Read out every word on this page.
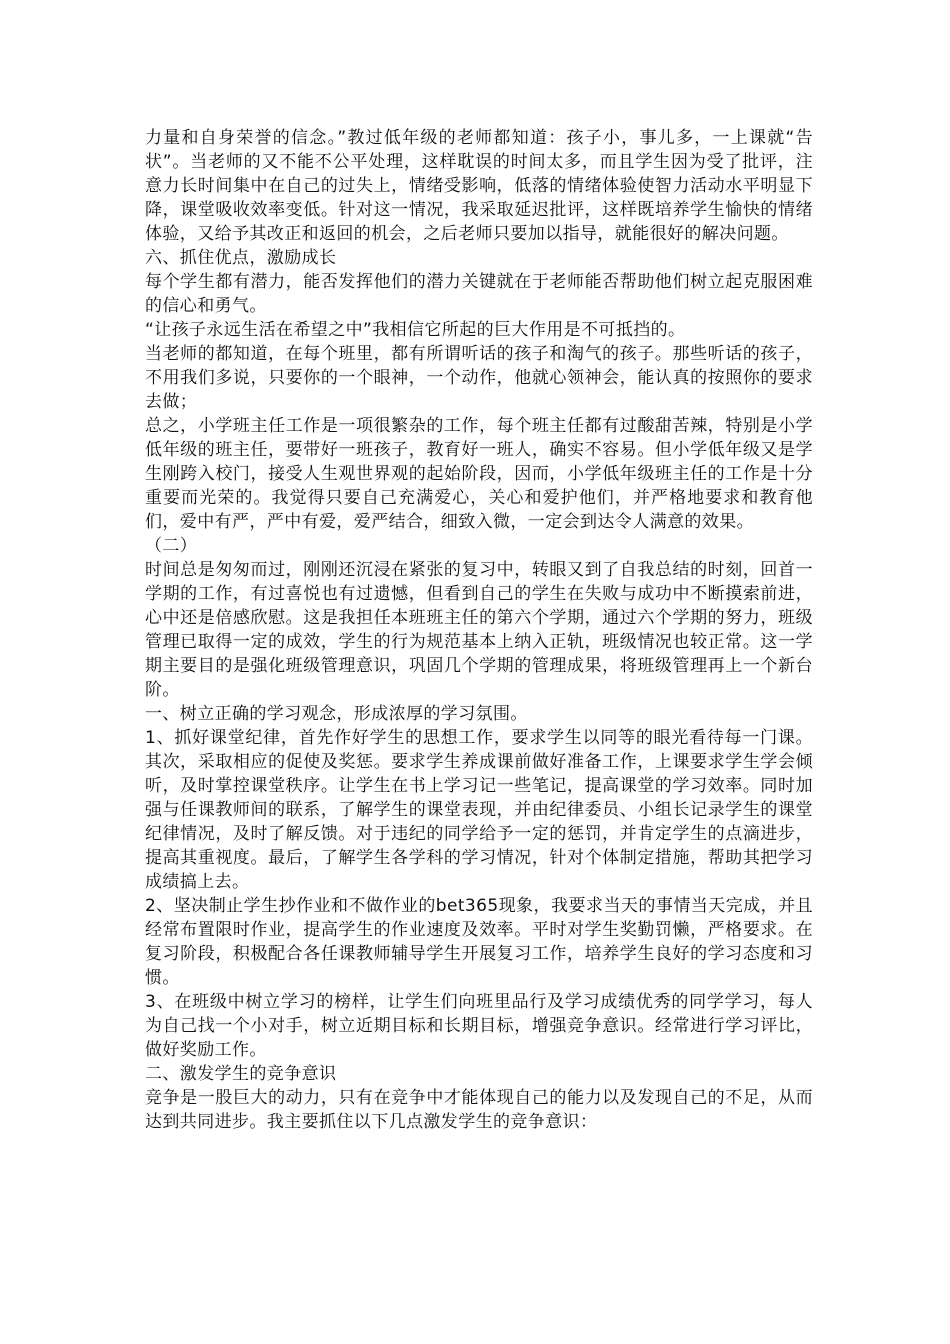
力量和自身荣誉的信念。”教过低年级的老师都知道：孩子小，事儿多，一上课就“告状”。当老师的又不能不公平处理，这样耽误的时间太多，而且学生因为受了批评，注意力长时间集中在自己的过失上，情绪受影响，低落的情绪体验使智力活动水平明显下降，课堂吸收效率变低。针对这一情况，我采取延迟批评，这样既培养学生愉快的情绪体验，又给予其改正和返回的机会，之后老师只要加以指导，就能很好的解决问题。

六、抓住优点，激励成长

每个学生都有潜力，能否发挥他们的潜力关键就在于老师能否帮助他们树立起克服困难的信心和勇气。

“让孩子永远生活在希望之中”我相信它所起的巨大作用是不可抵挡的。

当老师的都知道，在每个班里，都有所谓听话的孩子和淘气的孩子。那些听话的孩子，不用我们多说，只要你的一个眼神，一个动作，他就心领神会，能认真的按照你的要求去做；

总之，小学班主任工作是一项很繁杂的工作，每个班主任都有过酸甜苦辣，特别是小学低年级的班主任，要带好一班孩子，教育好一班人，确实不容易。但小学低年级又是学生刚跨入校门，接受人生观世界观的起始阶段，因而，小学低年级班主任的工作是十分重要而光荣的。我觉得只要自己充满爱心，关心和爱护他们，并严格地要求和教育他们，爱中有严，严中有爱，爱严结合，细致入微，一定会到达令人满意的效果。

（二）

时间总是匆匆而过，刚刚还沉浸在紧张的复习中，转眼又到了自我总结的时刻，回首一学期的工作，有过喜悦也有过遗憾，但看到自己的学生在失败与成功中不断摸索前进，心中还是倍感欣慰。这是我担任本班班主任的第六个学期，通过六个学期的努力，班级管理已取得一定的成效，学生的行为规范基本上纳入正轨，班级情况也较正常。这一学期主要目的是强化班级管理意识，巩固几个学期的管理成果，将班级管理再上一个新台阶。

一、树立正确的学习观念，形成浓厚的学习氛围。

1、抓好课堂纪律，首先作好学生的思想工作，要求学生以同等的眼光看待每一门课。其次，采取相应的促使及奖惩。要求学生养成课前做好准备工作，上课要求学生学会倾听，及时掌控课堂秩序。让学生在书上学习记一些笔记，提高课堂的学习效率。同时加强与任课教师间的联系，了解学生的课堂表现，并由纪律委员、小组长记录学生的课堂纪律情况，及时了解反馈。对于违纪的同学给予一定的惩罚，并肯定学生的点滴进步，提高其重视度。最后，了解学生各学科的学习情况，针对个体制定措施，帮助其把学习成绩搞上去。

2、坚决制止学生抄作业和不做作业的bet365现象，我要求当天的事情当天完成，并且经常布置限时作业，提高学生的作业速度及效率。平时对学生奖勤罚懒，严格要求。在复习阶段，积极配合各任课教师辅导学生开展复习工作，培养学生良好的学习态度和习惯。

3、在班级中树立学习的榜样，让学生们向班里品行及学习成绩优秀的同学学习，每人为自己找一个小对手，树立近期目标和长期目标，增强竞争意识。经常进行学习评比，做好奖励工作。

二、激发学生的竞争意识

竞争是一股巨大的动力，只有在竞争中才能体现自己的能力以及发现自己的不足，从而达到共同进步。我主要抓住以下几点激发学生的竞争意识：
